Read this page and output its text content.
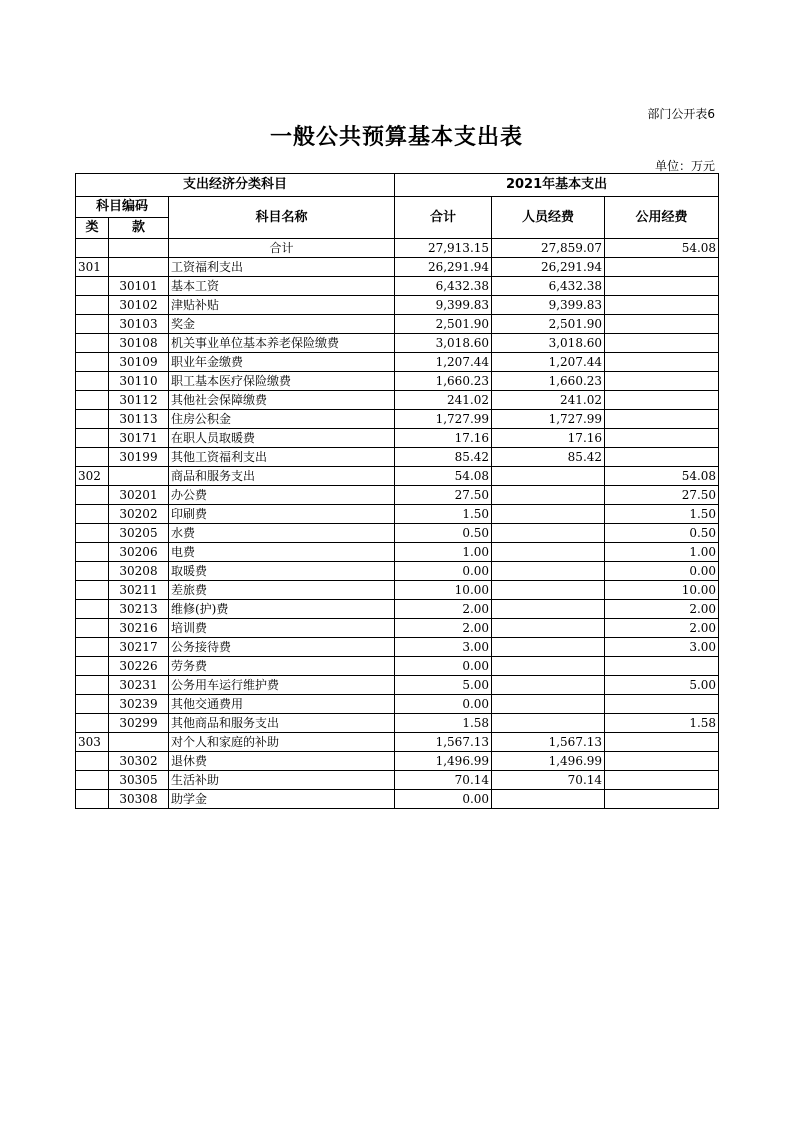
部门公开表6
一般公共预算基本支出表
单位：万元
支出经济分类科目			2021年基本支出		
科目编码		科目名称	合计	人员经费	公用经费
类	款				
		合计	27,913.15	27,859.07	54.08
301		工资福利支出	26,291.94	26,291.94	
	30101	基本工资	6,432.38	6,432.38	
	30102	津贴补贴	9,399.83	9,399.83	
	30103	奖金	2,501.90	2,501.90	
	30108	机关事业单位基本养老保险缴费	3,018.60	3,018.60	
	30109	职业年金缴费	1,207.44	1,207.44	
	30110	职工基本医疗保险缴费	1,660.23	1,660.23	
	30112	其他社会保障缴费	241.02	241.02	
	30113	住房公积金	1,727.99	1,727.99	
	30171	在职人员取暖费	17.16	17.16	
	30199	其他工资福利支出	85.42	85.42	
302		商品和服务支出	54.08		54.08
	30201	办公费	27.50		27.50
	30202	印刷费	1.50		1.50
	30205	水费	0.50		0.50
	30206	电费	1.00		1.00
	30208	取暖费	0.00		0.00
	30211	差旅费	10.00		10.00
	30213	维修(护)费	2.00		2.00
	30216	培训费	2.00		2.00
	30217	公务接待费	3.00		3.00
	30226	劳务费	0.00		
	30231	公务用车运行维护费	5.00		5.00
	30239	其他交通费用	0.00		
	30299	其他商品和服务支出	1.58		1.58
303		对个人和家庭的补助	1,567.13	1,567.13	
	30302	退休费	1,496.99	1,496.99	
	30305	生活补助	70.14	70.14	
	30308	助学金	0.00		
